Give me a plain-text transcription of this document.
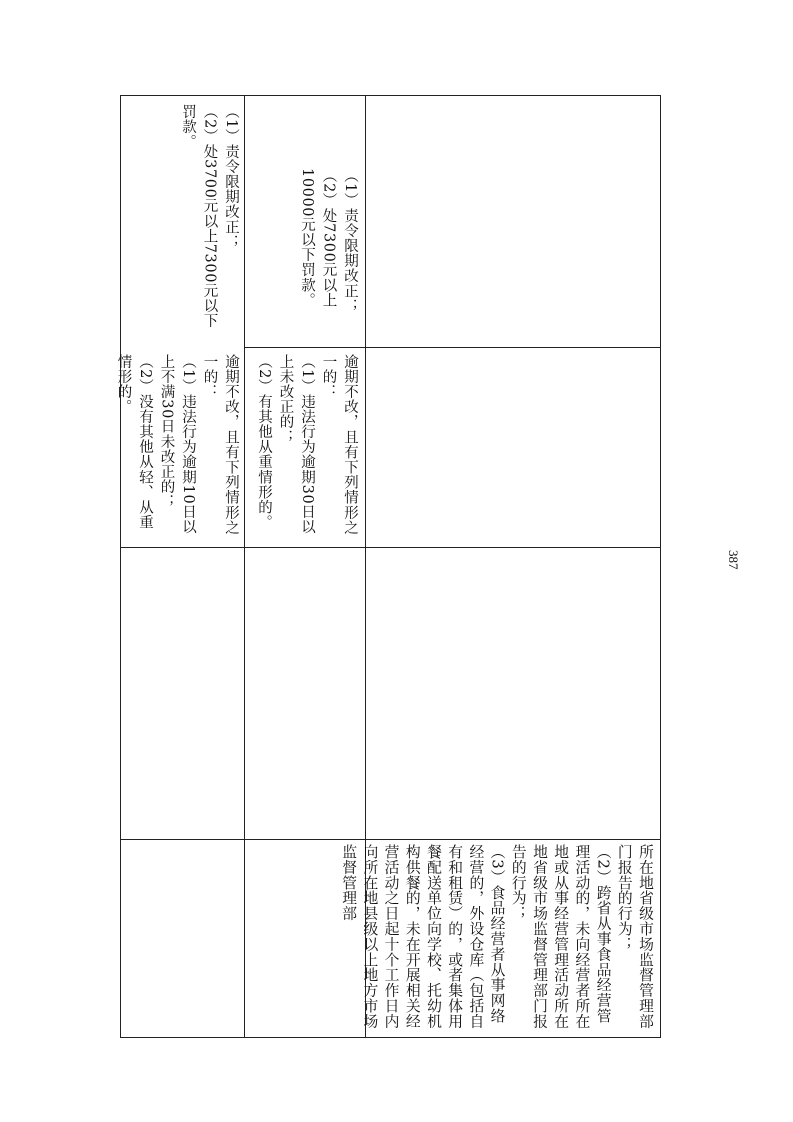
（1）责令限期改正；
（2）处3700元以上7300元以下罚款。

逾期不改，且有下列情形之一的：
（1）违法行为逾期10日以上不满30日未改正的；
（2）没有其他从轻、从重情形的。

（1）责令限期改正；
（2）处7300元以上10000元以下罚款。

逾期不改，且有下列情形之一的：
（1）违法行为逾期30日以上未改正的；
（2）有其他从重情形的。

所在地省级市场监督管理部门报告的行为；
（2）跨省从事食品经营管理活动的，未向经营者所在地或从事经营管理活动所在地省级市场监督管理部门报告的行为；
（3）食品经营者从事网络经营的，外设仓库（包括自有和租赁）的，或者集体用餐配送单位向学校、托幼机构供餐的，未在开展相关经营活动之日起十个工作日内向所在地县级以上地方市场监督管理部

387
